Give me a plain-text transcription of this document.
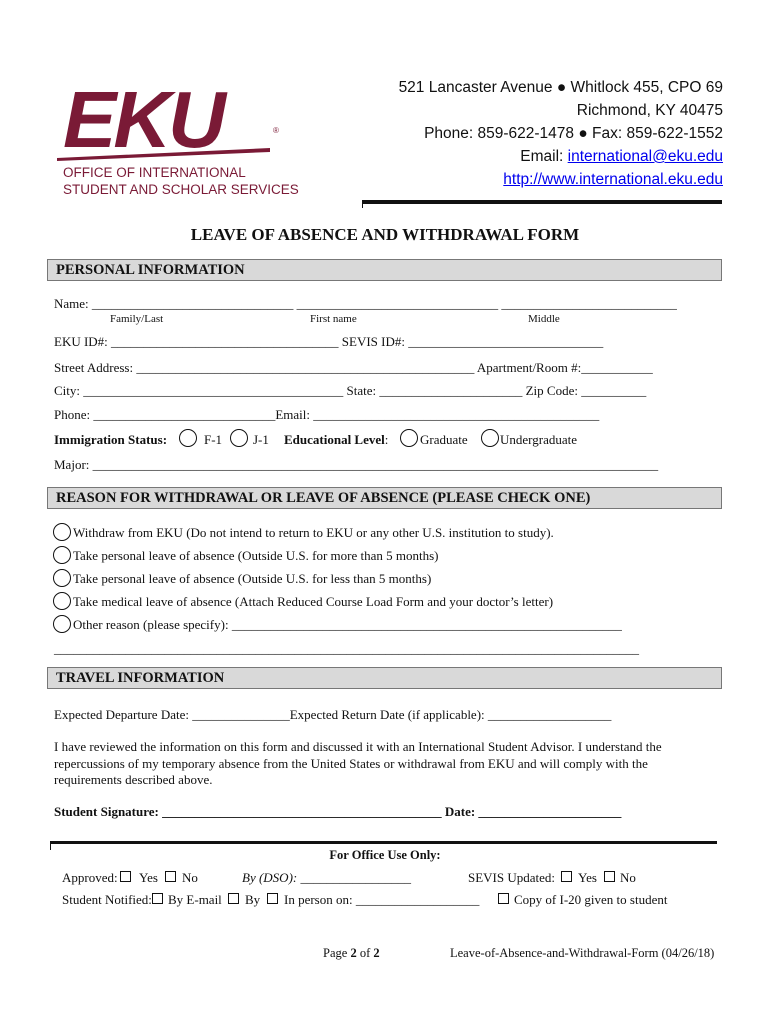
EKU	®
OFFICE OF INTERNATIONAL
STUDENT AND SCHOLAR SERVICES
521 Lancaster Avenue ● Whitlock 455, CPO 69
Richmond, KY 40475
Phone: 859-622-1478 ● Fax: 859-622-1552
Email: international@eku.edu
http://www.international.eku.edu
LEAVE OF ABSENCE AND WITHDRAWAL FORM
PERSONAL INFORMATION
Name: _______________________________ _______________________________ ___________________________
Family/Last	First name	Middle
EKU ID#: ___________________________________ SEVIS ID#: ______________________________
Street Address: ____________________________________________________ Apartment/Room #:___________
City: ________________________________________ State: ______________________ Zip Code: __________
Phone: ____________________________Email: ____________________________________________
Immigration Status:	F-1 J-1 Educational Level: Graduate Undergraduate
Major: _______________________________________________________________________________________
REASON FOR WITHDRAWAL OR LEAVE OF ABSENCE (PLEASE CHECK ONE)
Withdraw from EKU (Do not intend to return to EKU or any other U.S. institution to study).
Take personal leave of absence (Outside U.S. for more than 5 months)
Take personal leave of absence (Outside U.S. for less than 5 months)
Take medical leave of absence (Attach Reduced Course Load Form and your doctor’s letter)
Other reason (please specify): ____________________________________________________________
__________________________________________________________________________________________
TRAVEL INFORMATION
Expected Departure Date: _______________Expected Return Date (if applicable): ___________________
I have reviewed the information on this form and discussed it with an International Student Advisor. I understand the
repercussions of my temporary absence from the United States or withdrawal from EKU and will comply with the
requirements described above.
Student Signature: ___________________________________________ Date: ______________________
For Office Use Only:
Approved: Yes No	By (DSO): _________________	SEVIS Updated: Yes No
Student Notified: By E-mail By In person on: ___________________	Copy of I-20 given to student
Page 2 of 2	Leave-of-Absence-and-Withdrawal-Form (04/26/18)
